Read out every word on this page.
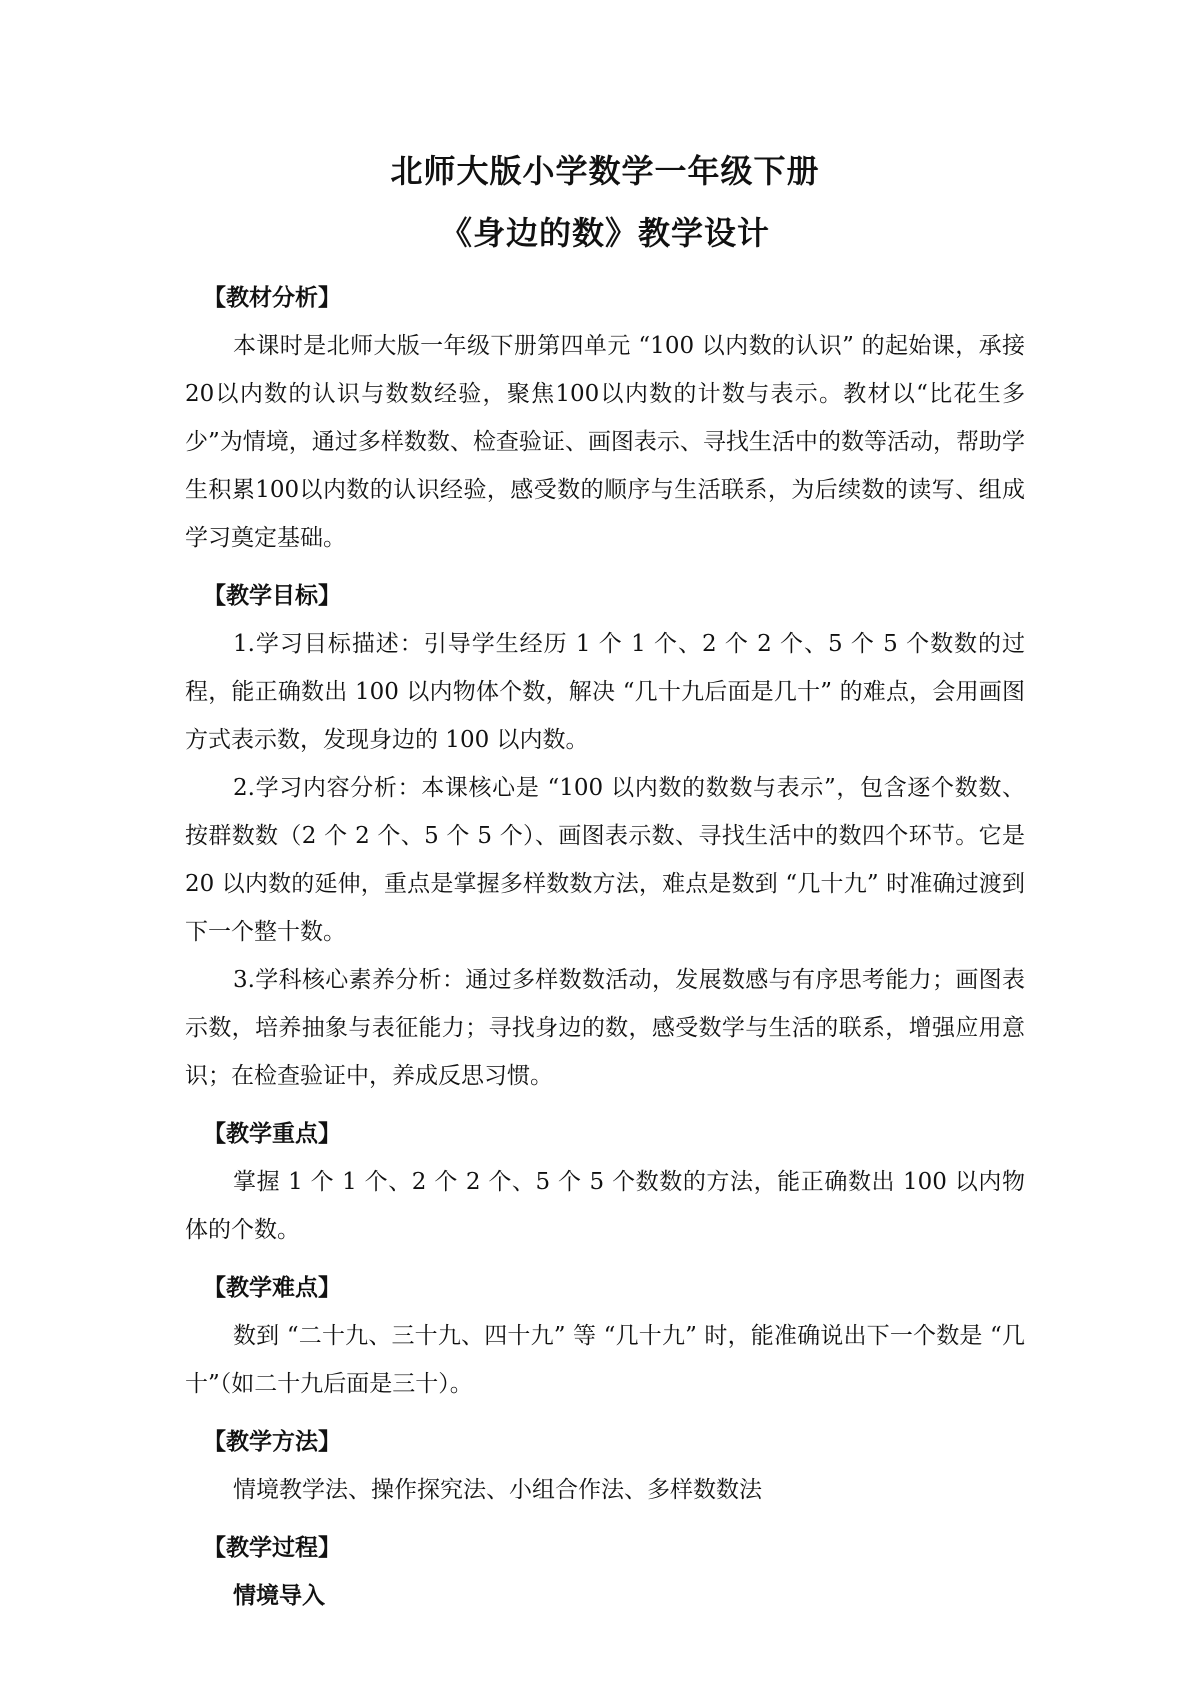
北师大版小学数学一年级下册
《身边的数》教学设计
【教材分析】

本课时是北师大版一年级下册第四单元 “100 以内数的认识” 的起始课，承接20以内数的认识与数数经验，聚焦100以内数的计数与表示。教材以“比花生多少”为情境，通过多样数数、检查验证、画图表示、寻找生活中的数等活动，帮助学生积累100以内数的认识经验，感受数的顺序与生活联系，为后续数的读写、组成学习奠定基础。

【教学目标】

1.学习目标描述：引导学生经历 1 个 1 个、2 个 2 个、5 个 5 个数数的过程，能正确数出 100 以内物体个数，解决 “几十九后面是几十” 的难点，会用画图方式表示数，发现身边的 100 以内数。

2.学习内容分析：本课核心是 “100 以内数的数数与表示”，包含逐个数数、按群数数（2 个 2 个、5 个 5 个）、画图表示数、寻找生活中的数四个环节。它是 20 以内数的延伸，重点是掌握多样数数方法，难点是数到 “几十九” 时准确过渡到下一个整十数。

3.学科核心素养分析：通过多样数数活动，发展数感与有序思考能力；画图表示数，培养抽象与表征能力；寻找身边的数，感受数学与生活的联系，增强应用意识；在检查验证中，养成反思习惯。

【教学重点】

掌握 1 个 1 个、2 个 2 个、5 个 5 个数数的方法，能正确数出 100 以内物体的个数。

【教学难点】

数到 “二十九、三十九、四十九” 等 “几十九” 时，能准确说出下一个数是 “几十”（如二十九后面是三十）。

【教学方法】

情境教学法、操作探究法、小组合作法、多样数数法

【教学过程】
情境导入
